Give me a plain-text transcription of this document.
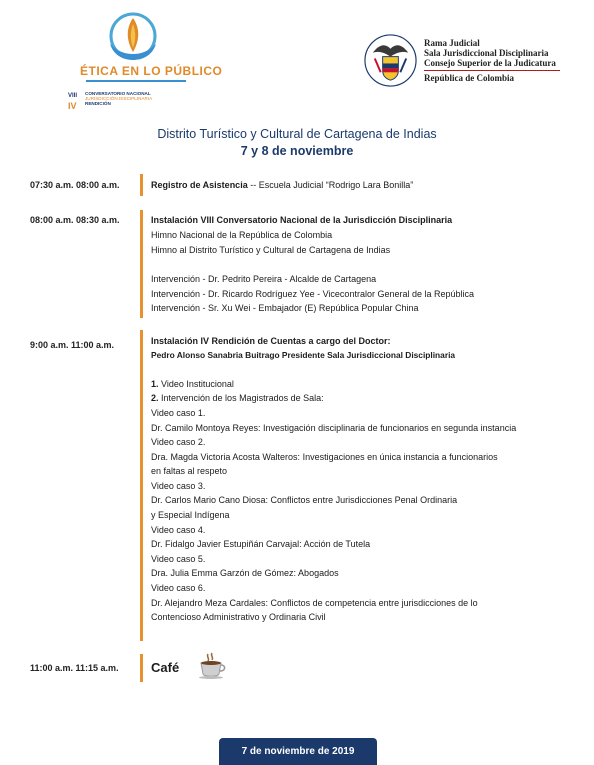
ÉTICA EN LO PÚBLICO
VIII
IV
CONVERSATORIO NACIONAL
JURISDICCIÓN DISCIPLINARIA
RENDICIÓN
Rama Judicial
Sala Jurisdiccional Disciplinaria
Consejo Superior de la Judicatura
República de Colombia
Distrito Turístico y Cultural de Cartagena de Indias
7 y 8 de noviembre
07:30 a.m. 08:00 a.m.	Registro de Asistencia -- Escuela Judicial “Rodrigo Lara Bonilla”
08:00 a.m. 08:30 a.m.	Instalación VIII Conversatorio Nacional de la Jurisdicción Disciplinaria
Himno Nacional de la República de Colombia
Himno al Distrito Turístico y Cultural de Cartagena de Indias
Intervención - Dr. Pedrito Pereira - Alcalde de Cartagena
Intervención - Dr. Ricardo Rodríguez Yee - Vicecontralor General de la República
Intervención - Sr. Xu Wei - Embajador (E) República Popular China
9:00 a.m. 11:00 a.m.	Instalación IV Rendición de Cuentas a cargo del Doctor:
Pedro Alonso Sanabria Buitrago Presidente Sala Jurisdiccional Disciplinaria
1. Video Institucional
2. Intervención de los Magistrados de Sala:
Video caso 1.
Dr. Camilo Montoya Reyes: Investigación disciplinaria de funcionarios en segunda instancia
Video caso 2.
Dra. Magda Victoria Acosta Walteros: Investigaciones en única instancia a funcionarios
en faltas al respeto
Video caso 3.
Dr. Carlos Mario Cano Diosa: Conflictos entre Jurisdicciones Penal Ordinaria
y Especial Indígena
Video caso 4.
Dr. Fidalgo Javier Estupiñán Carvajal: Acción de Tutela
Video caso 5.
Dra. Julia Emma Garzón de Gómez: Abogados
Video caso 6.
Dr. Alejandro Meza Cardales: Conflictos de competencia entre jurisdicciones de lo
Contencioso Administrativo y Ordinaria Civil
11:00 a.m. 11:15 a.m. Café
7 de noviembre de 2019
